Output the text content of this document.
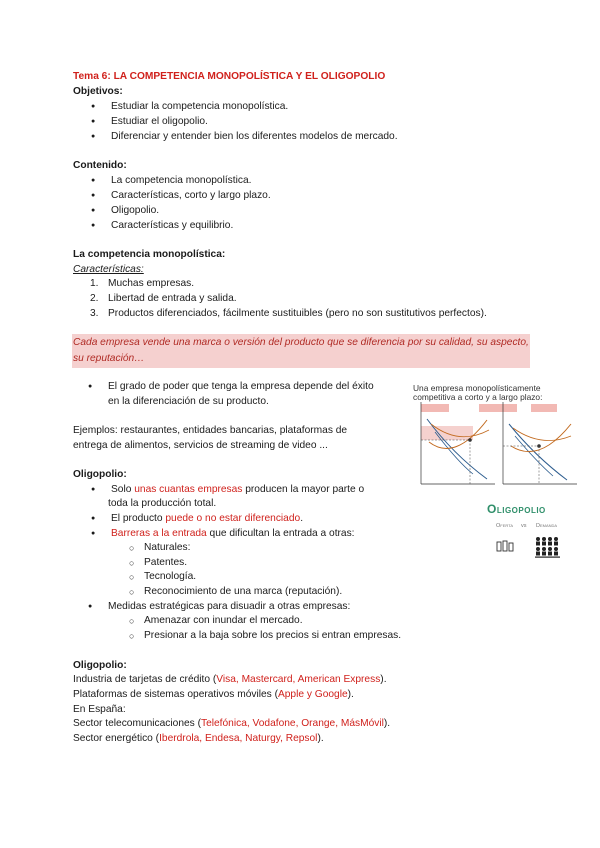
Tema 6: LA COMPETENCIA MONOPOLÍSTICA Y EL OLIGOPOLIO
Objetivos:
● Estudiar la competencia monopolística.
● Estudiar el oligopolio.
● Diferenciar y entender bien los diferentes modelos de mercado.
Contenido:
● La competencia monopolística.
● Características, corto y largo plazo.
● Oligopolio.
● Características y equilibrio.
La competencia monopolística:
Características:
1. Muchas empresas.
2. Libertad de entrada y salida.
3. Productos diferenciados, fácilmente sustituibles (pero no son sustitutivos perfectos).
Cada empresa vende una marca o versión del producto que se diferencia por su calidad, su aspecto, su reputación…
● El grado de poder que tenga la empresa depende del éxito
en la diferenciación de su producto.
Ejemplos: restaurantes, entidades bancarias, plataformas de
entrega de alimentos, servicios de streaming de video ...
Una empresa monopolísticamente
competitiva a corto y a largo plazo:
Oligopolio:
● Solo unas cuantas empresas producen la mayor parte o
toda la producción total.
● El producto puede o no estar diferenciado.
● Barreras a la entrada que dificultan la entrada a otras:
○ Naturales:
○ Patentes.
○ Tecnología.
○ Reconocimiento de una marca (reputación).
● Medidas estratégicas para disuadir a otras empresas:
○ Amenazar con inundar el mercado.
○ Presionar a la baja sobre los precios si entran empresas.
Oligopolio
Oferta vs Demanda
Oligopolio:
Industria de tarjetas de crédito (Visa, Mastercard, American Express).
Plataformas de sistemas operativos móviles (Apple y Google).
En España:
Sector telecomunicaciones (Telefónica, Vodafone, Orange, MásMóvil).
Sector energético (Iberdrola, Endesa, Naturgy, Repsol).
